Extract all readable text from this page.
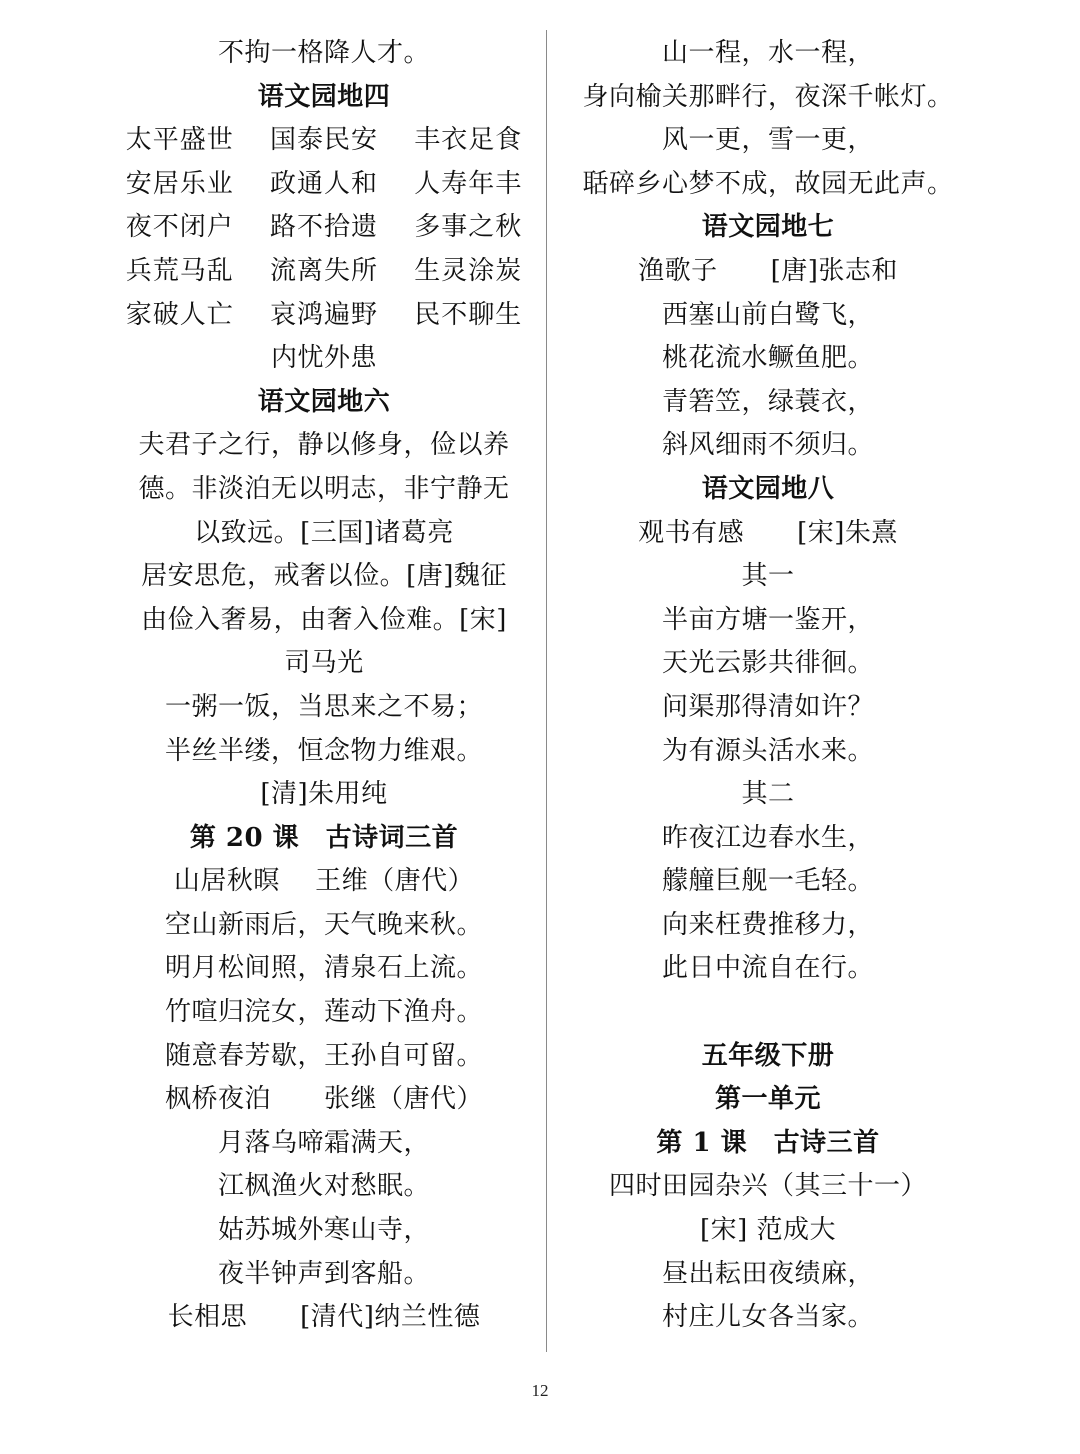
不拘一格降人才。
语文园地四
太平盛世　 国泰民安　 丰衣足食
安居乐业　 政通人和　 人寿年丰
夜不闭户　 路不拾遗　 多事之秋
兵荒马乱　 流离失所　 生灵涂炭
家破人亡　 哀鸿遍野　 民不聊生
内忧外患
语文园地六
夫君子之行，静以修身，俭以养
德。非淡泊无以明志，非宁静无
以致远。[三国]诸葛亮
居安思危，戒奢以俭。[唐]魏征
由俭入奢易，由奢入俭难。[宋]
司马光
一粥一饭，当思来之不易；
半丝半缕，恒念物力维艰。
[清]朱用纯
第 20 课　古诗词三首
山居秋暝　 王维（唐代）
空山新雨后，天气晚来秋。
明月松间照，清泉石上流。
竹喧归浣女，莲动下渔舟。
随意春芳歇，王孙自可留。
枫桥夜泊　　张继（唐代）
月落乌啼霜满天，
江枫渔火对愁眠。
姑苏城外寒山寺，
夜半钟声到客船。
长相思　　[清代]纳兰性德
山一程，水一程，
身向榆关那畔行，夜深千帐灯。
风一更，雪一更，
聒碎乡心梦不成，故园无此声。
语文园地七
渔歌子　　[唐]张志和
西塞山前白鹭飞，
桃花流水鳜鱼肥。
青箬笠，绿蓑衣，
斜风细雨不须归。
语文园地八
观书有感　　[宋]朱熹
其一
半亩方塘一鉴开，
天光云影共徘徊。
问渠那得清如许？
为有源头活水来。
其二
昨夜江边春水生，
艨艟巨舰一毛轻。
向来枉费推移力，
此日中流自在行。
五年级下册
第一单元
第 1 课　古诗三首
四时田园杂兴（其三十一）
[宋] 范成大
昼出耘田夜绩麻，
村庄儿女各当家。
12
